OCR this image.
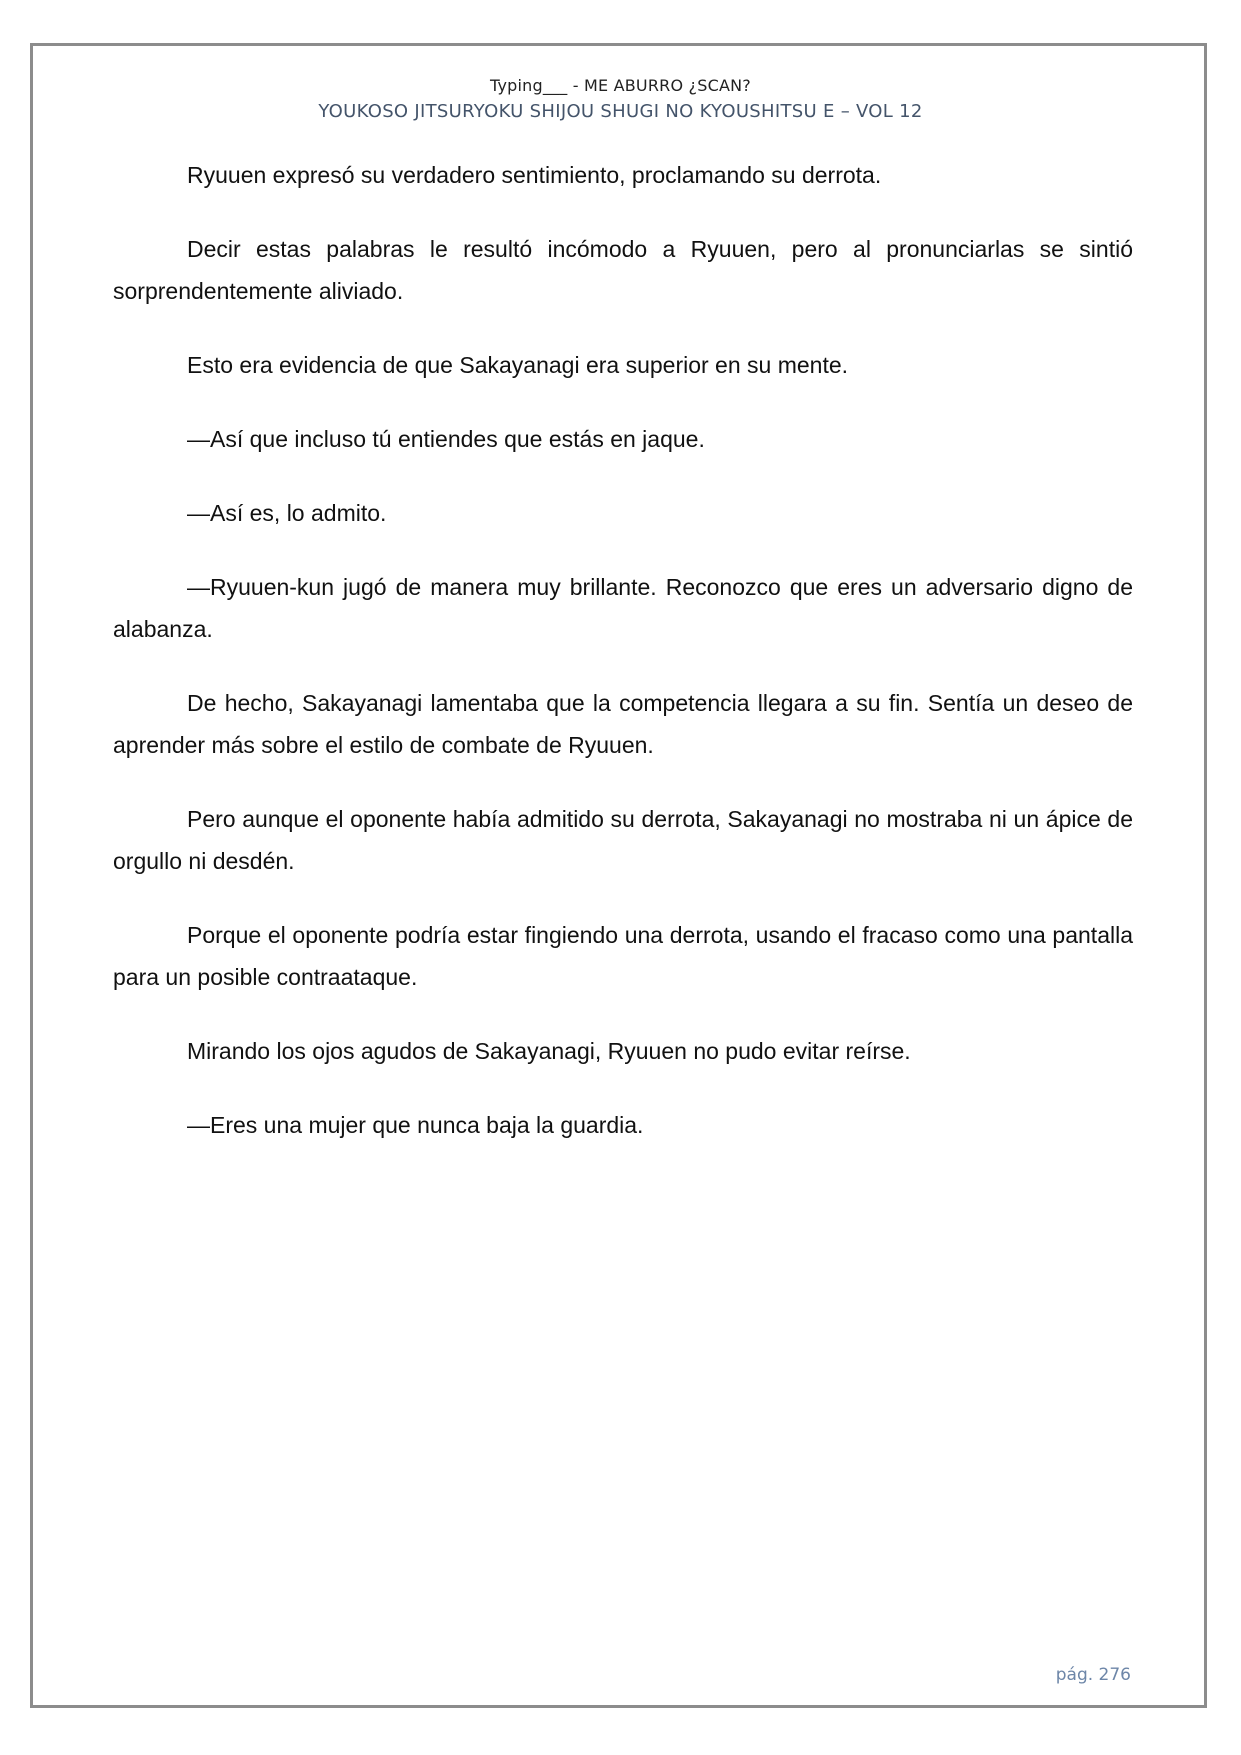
Typing___ - ME ABURRO ¿SCAN?
YOUKOSO JITSURYOKU SHIJOU SHUGI NO KYOUSHITSU E – VOL 12

Ryuuen expresó su verdadero sentimiento, proclamando su derrota.

Decir estas palabras le resultó incómodo a Ryuuen, pero al pronunciarlas se sintió sorprendentemente aliviado.

Esto era evidencia de que Sakayanagi era superior en su mente.

—Así que incluso tú entiendes que estás en jaque.

—Así es, lo admito.

—Ryuuen-kun jugó de manera muy brillante. Reconozco que eres un adversario digno de alabanza.

De hecho, Sakayanagi lamentaba que la competencia llegara a su fin. Sentía un deseo de aprender más sobre el estilo de combate de Ryuuen.

Pero aunque el oponente había admitido su derrota, Sakayanagi no mostraba ni un ápice de orgullo ni desdén.

Porque el oponente podría estar fingiendo una derrota, usando el fracaso como una pantalla para un posible contraataque.

Mirando los ojos agudos de Sakayanagi, Ryuuen no pudo evitar reírse.

—Eres una mujer que nunca baja la guardia.

pág. 276
